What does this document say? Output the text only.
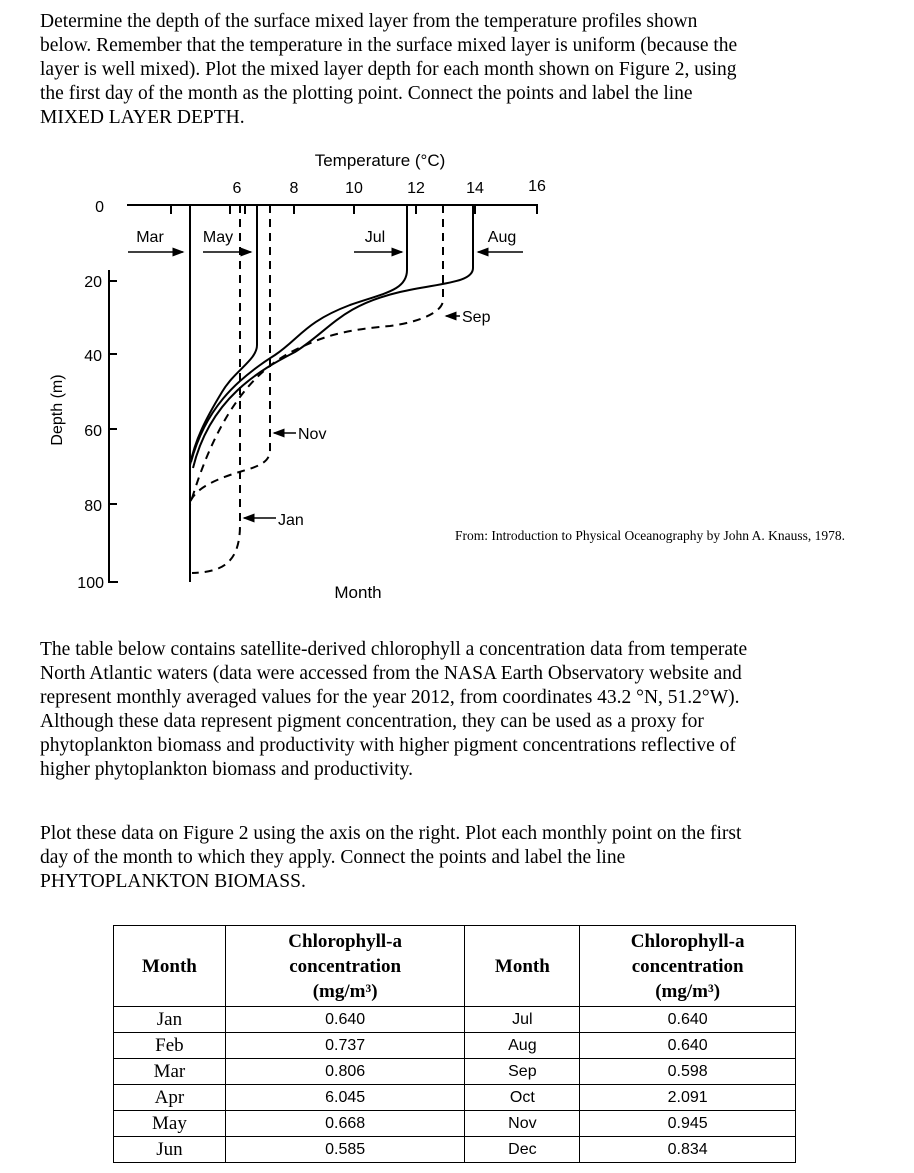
Determine the depth of the surface mixed layer from the temperature profiles shown
below. Remember that the temperature in the surface mixed layer is uniform (because the
layer is well mixed). Plot the mixed layer depth for each month shown on Figure 2, using
the first day of the month as the plotting point. Connect the points and label the line
MIXED LAYER DEPTH.
Temperature (°C)
6	8	10	12	14	16
0
20
40
60
80
100
Depth (m)
Mar May	Jul	Aug
Sep
Nov
Jan
Month
From: Introduction to Physical Oceanography by John A. Knauss, 1978.
The table below contains satellite-derived chlorophyll a concentration data from temperate
North Atlantic waters (data were accessed from the NASA Earth Observatory website and
represent monthly averaged values for the year 2012, from coordinates 43.2 °N, 51.2°W).
Although these data represent pigment concentration, they can be used as a proxy for
phytoplankton biomass and productivity with higher pigment concentrations reflective of
higher phytoplankton biomass and productivity.
Plot these data on Figure 2 using the axis on the right. Plot each monthly point on the first
day of the month to which they apply. Connect the points and label the line
PHYTOPLANKTON BIOMASS.
Month	Chlorophyll-a
concentration
(mg/m³)	Month	Chlorophyll-a
concentration
(mg/m³)
Jan	0.640	Jul	0.640
Feb	0.737	Aug	0.640
Mar	0.806	Sep	0.598
Apr	6.045	Oct	2.091
May	0.668	Nov	0.945
Jun	0.585	Dec	0.834
